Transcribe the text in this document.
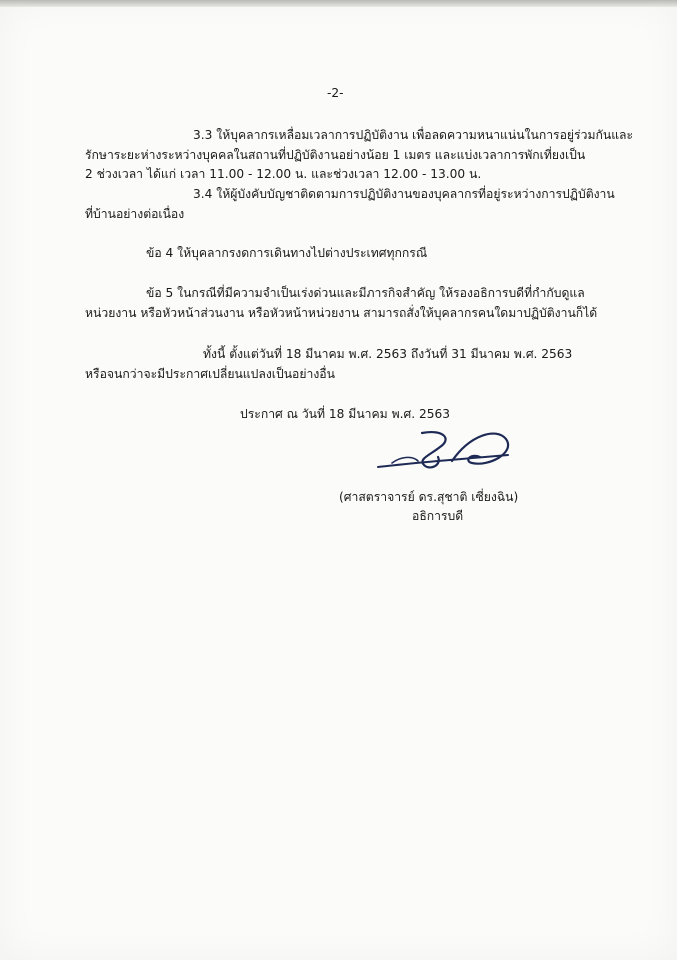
-2-
3.3 ให้บุคลากรเหลื่อมเวลาการปฏิบัติงาน เพื่อลดความหนาแน่นในการอยู่ร่วมกันและ
รักษาระยะห่างระหว่างบุคคลในสถานที่ปฏิบัติงานอย่างน้อย 1 เมตร และแบ่งเวลาการพักเที่ยงเป็น
2 ช่วงเวลา ได้แก่ เวลา 11.00 - 12.00 น. และช่วงเวลา 12.00 - 13.00 น.
3.4 ให้ผู้บังคับบัญชาติดตามการปฏิบัติงานของบุคลากรที่อยู่ระหว่างการปฏิบัติงาน
ที่บ้านอย่างต่อเนื่อง
ข้อ 4 ให้บุคลากรงดการเดินทางไปต่างประเทศทุกกรณี
ข้อ 5 ในกรณีที่มีความจำเป็นเร่งด่วนและมีภารกิจสำคัญ ให้รองอธิการบดีที่กำกับดูแล
หน่วยงาน หรือหัวหน้าส่วนงาน หรือหัวหน้าหน่วยงาน สามารถสั่งให้บุคลากรคนใดมาปฏิบัติงานก็ได้
ทั้งนี้ ตั้งแต่วันที่ 18 มีนาคม พ.ศ. 2563 ถึงวันที่ 31 มีนาคม พ.ศ. 2563
หรือจนกว่าจะมีประกาศเปลี่ยนแปลงเป็นอย่างอื่น
ประกาศ ณ วันที่ 18 มีนาคม พ.ศ. 2563
(ศาสตราจารย์ ดร.สุชาติ เซี่ยงฉิน)
อธิการบดี
